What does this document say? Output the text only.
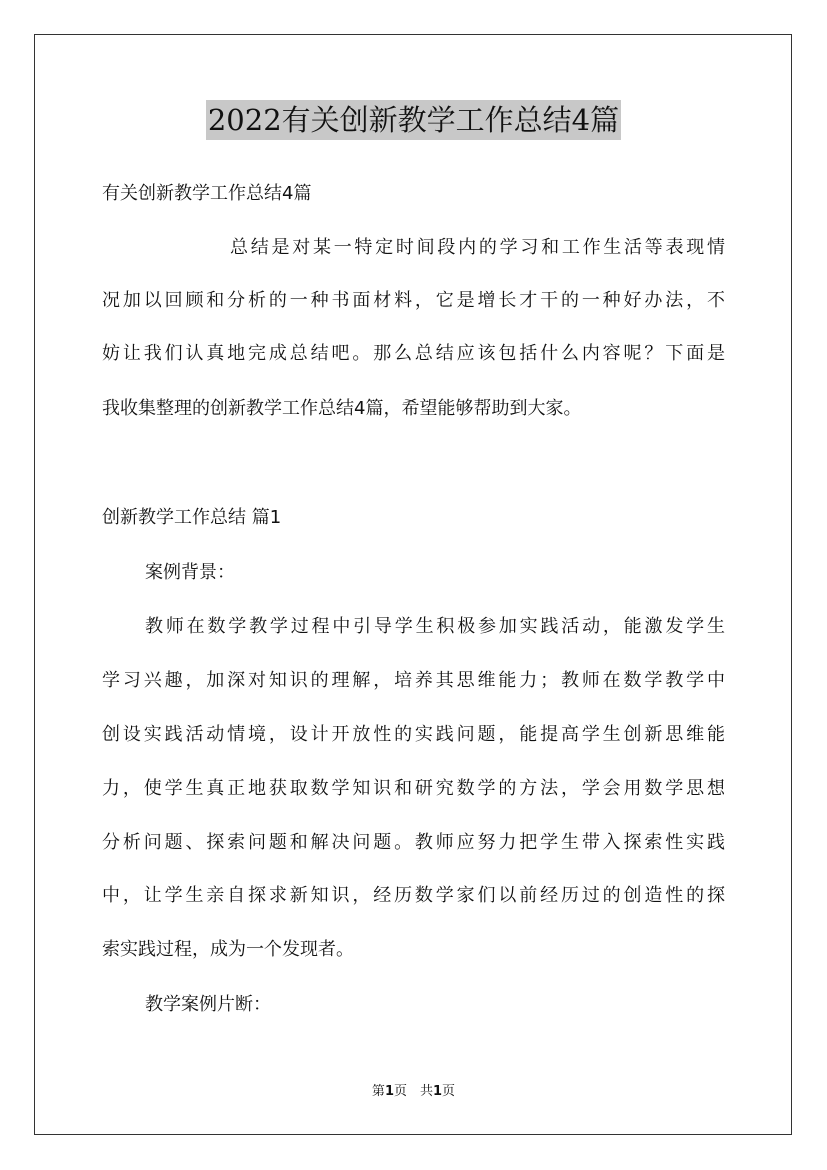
2022有关创新教学工作总结4篇
有关创新教学工作总结4篇
总结是对某一特定时间段内的学习和工作生活等表现情
况加以回顾和分析的一种书面材料，它是增长才干的一种好办法，不
妨让我们认真地完成总结吧。那么总结应该包括什么内容呢？下面是
我收集整理的创新教学工作总结4篇，希望能够帮助到大家。
创新教学工作总结 篇1
案例背景：
教师在数学教学过程中引导学生积极参加实践活动，能激发学生
学习兴趣，加深对知识的理解，培养其思维能力；教师在数学教学中
创设实践活动情境，设计开放性的实践问题，能提高学生创新思维能
力，使学生真正地获取数学知识和研究数学的方法，学会用数学思想
分析问题、探索问题和解决问题。教师应努力把学生带入探索性实践
中，让学生亲自探求新知识，经历数学家们以前经历过的创造性的探
索实践过程，成为一个发现者。
教学案例片断：
第1页　共1页
